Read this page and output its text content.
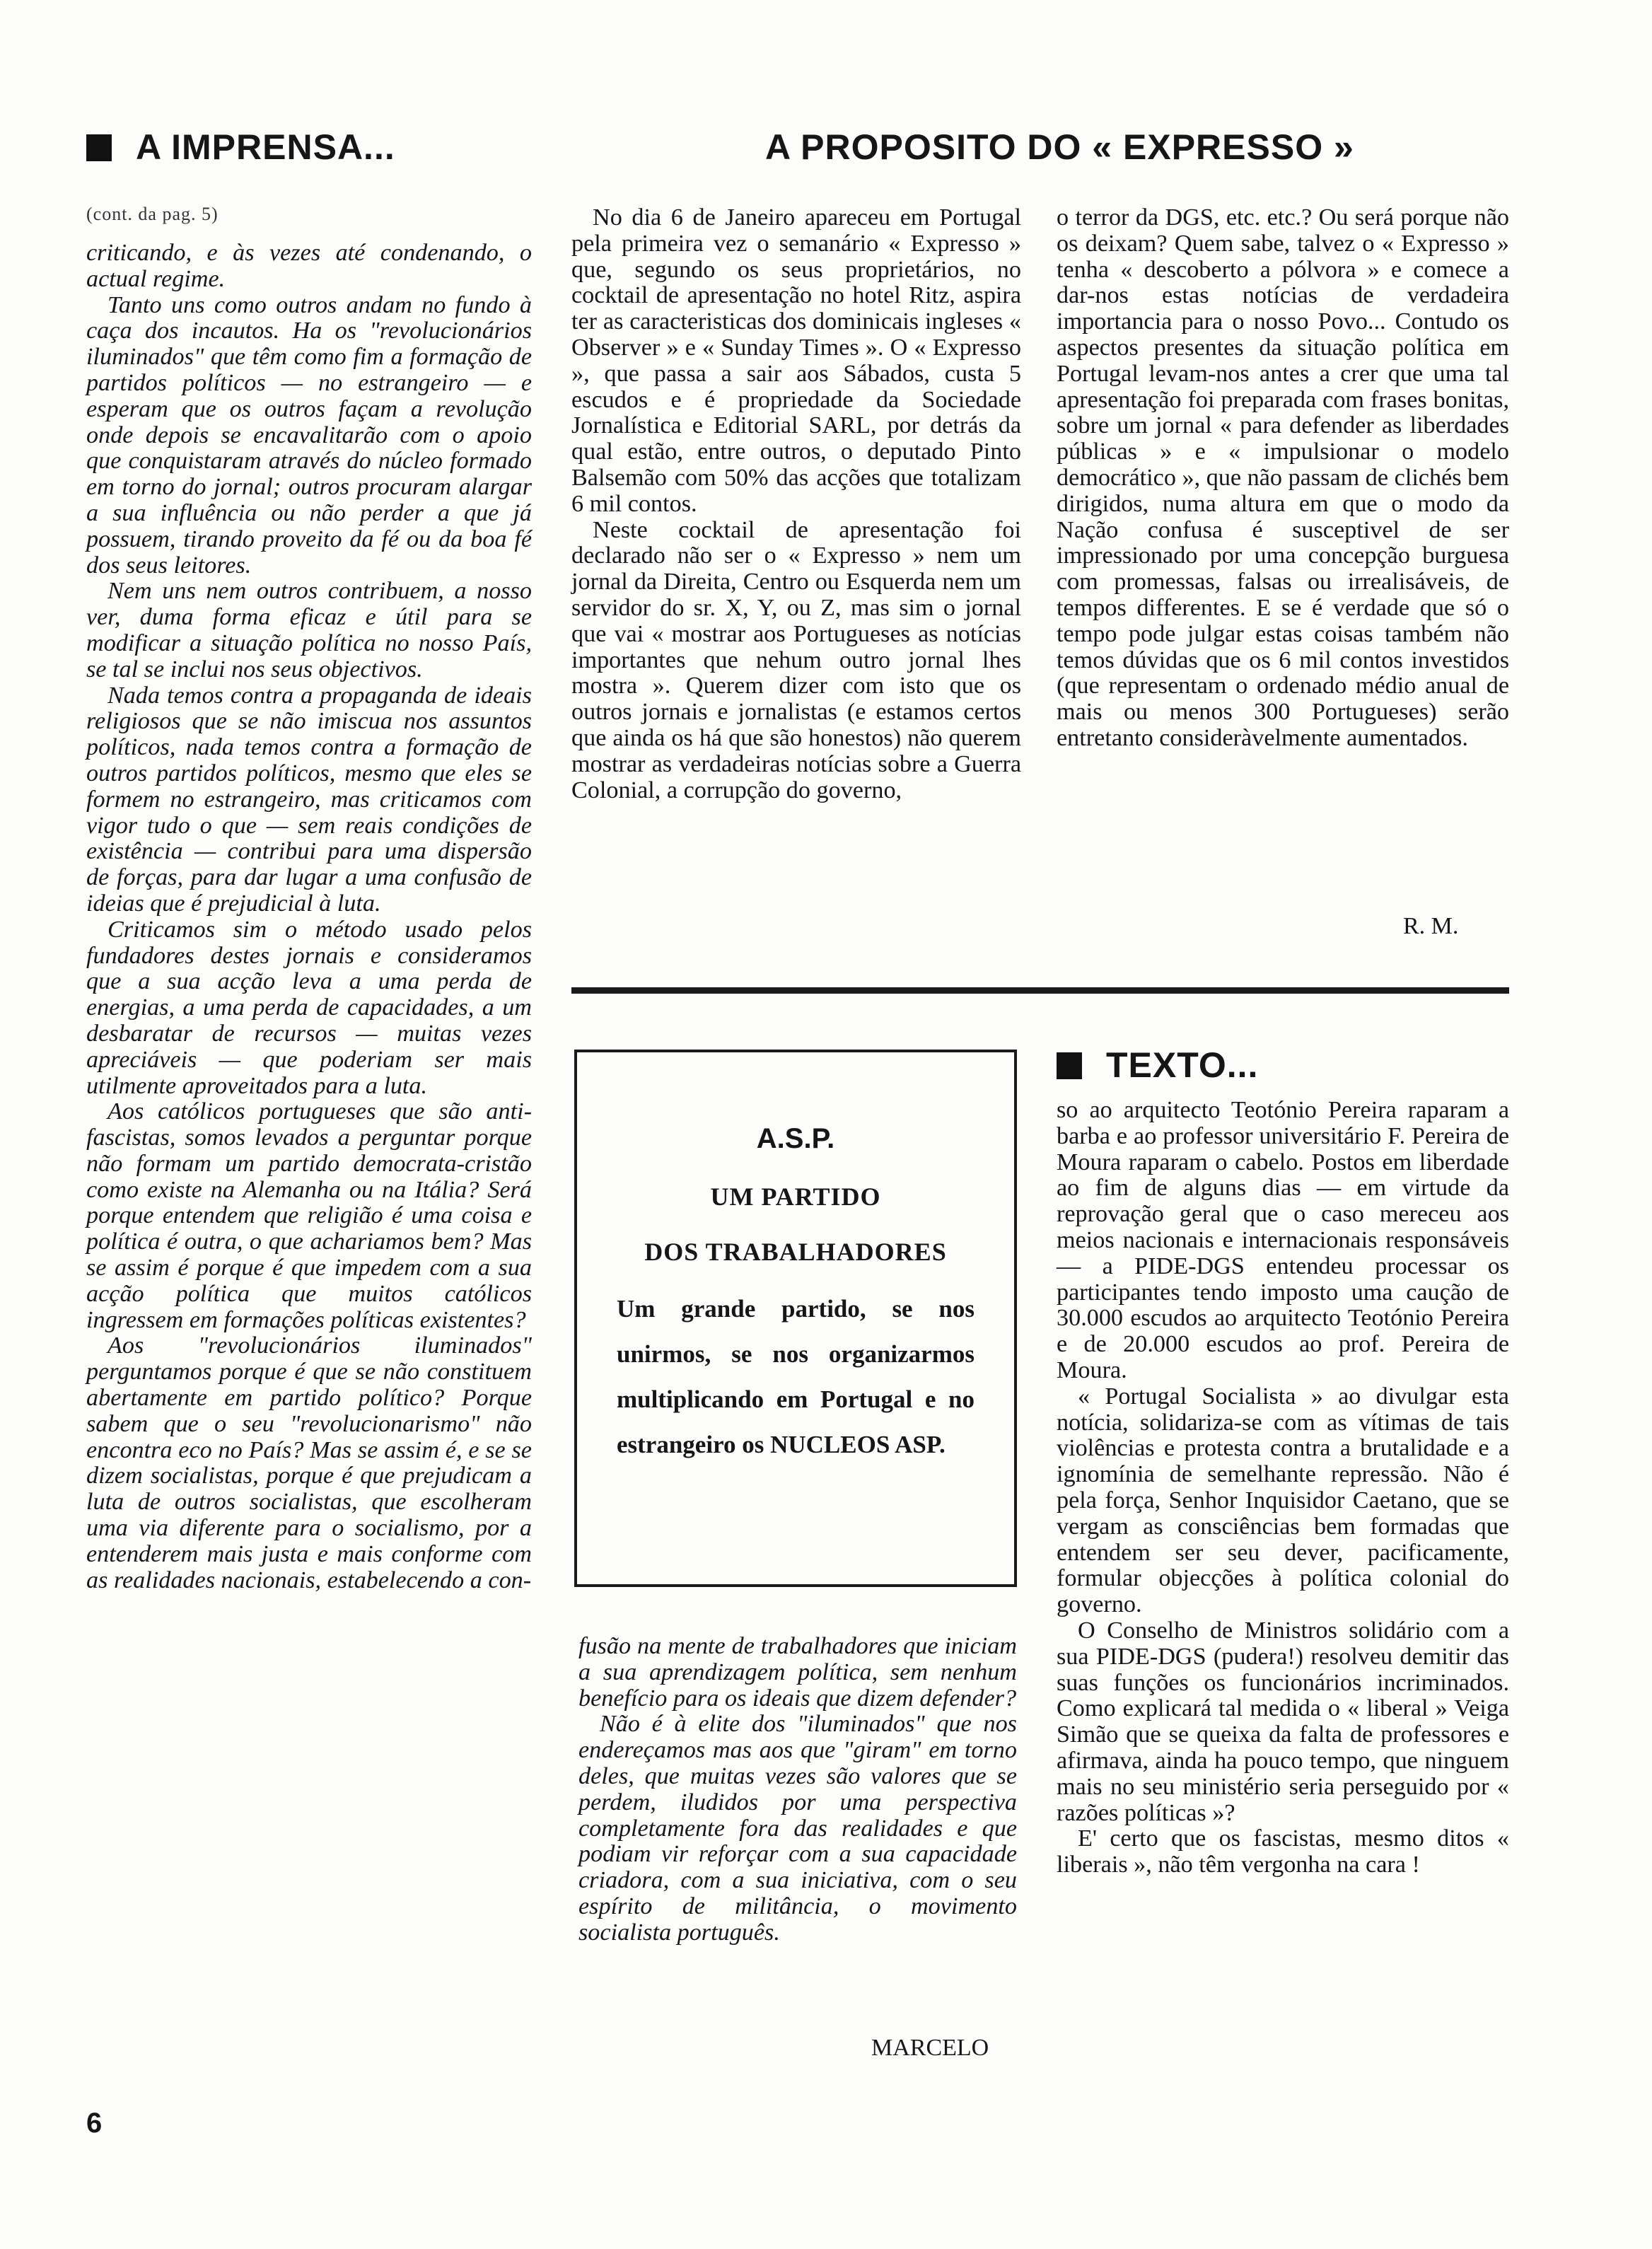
A IMPRENSA...	A PROPOSITO DO « EXPRESSO »
(cont. da pag. 5)

criticando, e às vezes até condenando, o actual regime.

Tanto uns como outros andam no fundo à caça dos incautos. Ha os "revolucionários iluminados" que têm como fim a formação de partidos políticos — no estrangeiro — e esperam que os outros façam a revolução onde depois se encavalitarão com o apoio que conquistaram através do núcleo formado em torno do jornal; outros procuram alargar a sua influência ou não perder a que já possuem, tirando proveito da fé ou da boa fé dos seus leitores.

Nem uns nem outros contribuem, a nosso ver, duma forma eficaz e útil para se modificar a situação política no nosso País, se tal se inclui nos seus objectivos.

Nada temos contra a propaganda de ideais religiosos que se não imiscua nos assuntos políticos, nada temos contra a formação de outros partidos políticos, mesmo que eles se formem no estrangeiro, mas criticamos com vigor tudo o que — sem reais condições de existência — contribui para uma dispersão de forças, para dar lugar a uma confusão de ideias que é prejudicial à luta.

Criticamos sim o método usado pelos fundadores destes jornais e consideramos que a sua acção leva a uma perda de energias, a uma perda de capacidades, a um desbaratar de recursos — muitas vezes apreciáveis — que poderiam ser mais utilmente aproveitados para a luta.

Aos católicos portugueses que são anti-fascistas, somos levados a perguntar porque não formam um partido democrata-cristão como existe na Alemanha ou na Itália? Será porque entendem que religião é uma coisa e política é outra, o que achariamos bem? Mas se assim é porque é que impedem com a sua acção política que muitos católicos ingressem em formações políticas existentes?

Aos "revolucionários iluminados" perguntamos porque é que se não constituem abertamente em partido político? Porque sabem que o seu "revolucionarismo" não encontra eco no País? Mas se assim é, e se se dizem socialistas, porque é que prejudicam a luta de outros socialistas, que escolheram uma via diferente para o socialismo, por a entenderem mais justa e mais conforme com as realidades nacionais, estabelecendo a con-

No dia 6 de Janeiro apareceu em Portugal pela primeira vez o semanário « Expresso » que, segundo os seus proprietários, no cocktail de apresentação no hotel Ritz, aspira ter as caracteristicas dos dominicais ingleses « Observer » e « Sunday Times ». O « Expresso », que passa a sair aos Sábados, custa 5 escudos e é propriedade da Sociedade Jornalística e Editorial SARL, por detrás da qual estão, entre outros, o deputado Pinto Balsemão com 50% das acções que totalizam 6 mil contos.

Neste cocktail de apresentação foi declarado não ser o « Expresso » nem um jornal da Direita, Centro ou Esquerda nem um servidor do sr. X, Y, ou Z, mas sim o jornal que vai « mostrar aos Portugueses as notícias importantes que nehum outro jornal lhes mostra ». Querem dizer com isto que os outros jornais e jornalistas (e estamos certos que ainda os há que são honestos) não querem mostrar as verdadeiras notícias sobre a Guerra Colonial, a corrupção do governo,

o terror da DGS, etc. etc.? Ou será porque não os deixam? Quem sabe, talvez o « Expresso » tenha « descoberto a pólvora » e comece a dar-nos estas notícias de verdadeira importancia para o nosso Povo... Contudo os aspectos presentes da situação política em Portugal levam-nos antes a crer que uma tal apresentação foi preparada com frases bonitas, sobre um jornal « para defender as liberdades públicas » e « impulsionar o modelo democrático », que não passam de clichés bem dirigidos, numa altura em que o modo da Nação confusa é susceptivel de ser impressionado por uma concepção burguesa com promessas, falsas ou irrealisáveis, de tempos differentes. E se é verdade que só o tempo pode julgar estas coisas também não temos dúvidas que os 6 mil contos investidos (que representam o ordenado médio anual de mais ou menos 300 Portugueses) serão entretanto consideràvelmente aumentados.

R. M.
A.S.P.
UM PARTIDO
DOS TRABALHADORES
Um grande partido, se nos unirmos, se nos organizarmos multiplicando em Portugal e no estrangeiro os NUCLEOS ASP.

fusão na mente de trabalhadores que iniciam a sua aprendizagem política, sem nenhum benefício para os ideais que dizem defender?

Não é à elite dos "iluminados" que nos endereçamos mas aos que "giram" em torno deles, que muitas vezes são valores que se perdem, iludidos por uma perspectiva completamente fora das realidades e que podiam vir reforçar com a sua capacidade criadora, com a sua iniciativa, com o seu espírito de militância, o movimento socialista português.

MARCELO
TEXTO...

so ao arquitecto Teotónio Pereira raparam a barba e ao professor universitário F. Pereira de Moura raparam o cabelo. Postos em liberdade ao fim de alguns dias — em virtude da reprovação geral que o caso mereceu aos meios nacionais e internacionais responsáveis — a PIDE-DGS entendeu processar os participantes tendo imposto uma caução de 30.000 escudos ao arquitecto Teotónio Pereira e de 20.000 escudos ao prof. Pereira de Moura.

« Portugal Socialista » ao divulgar esta notícia, solidariza-se com as vítimas de tais violências e protesta contra a brutalidade e a ignomínia de semelhante repressão. Não é pela força, Senhor Inquisidor Caetano, que se vergam as consciências bem formadas que entendem ser seu dever, pacificamente, formular objecções à política colonial do governo.

O Conselho de Ministros solidário com a sua PIDE-DGS (pudera!) resolveu demitir das suas funções os funcionários incriminados. Como explicará tal medida o « liberal » Veiga Simão que se queixa da falta de professores e afirmava, ainda ha pouco tempo, que ninguem mais no seu ministério seria perseguido por « razões políticas »?

E' certo que os fascistas, mesmo ditos « liberais », não têm vergonha na cara !

6
